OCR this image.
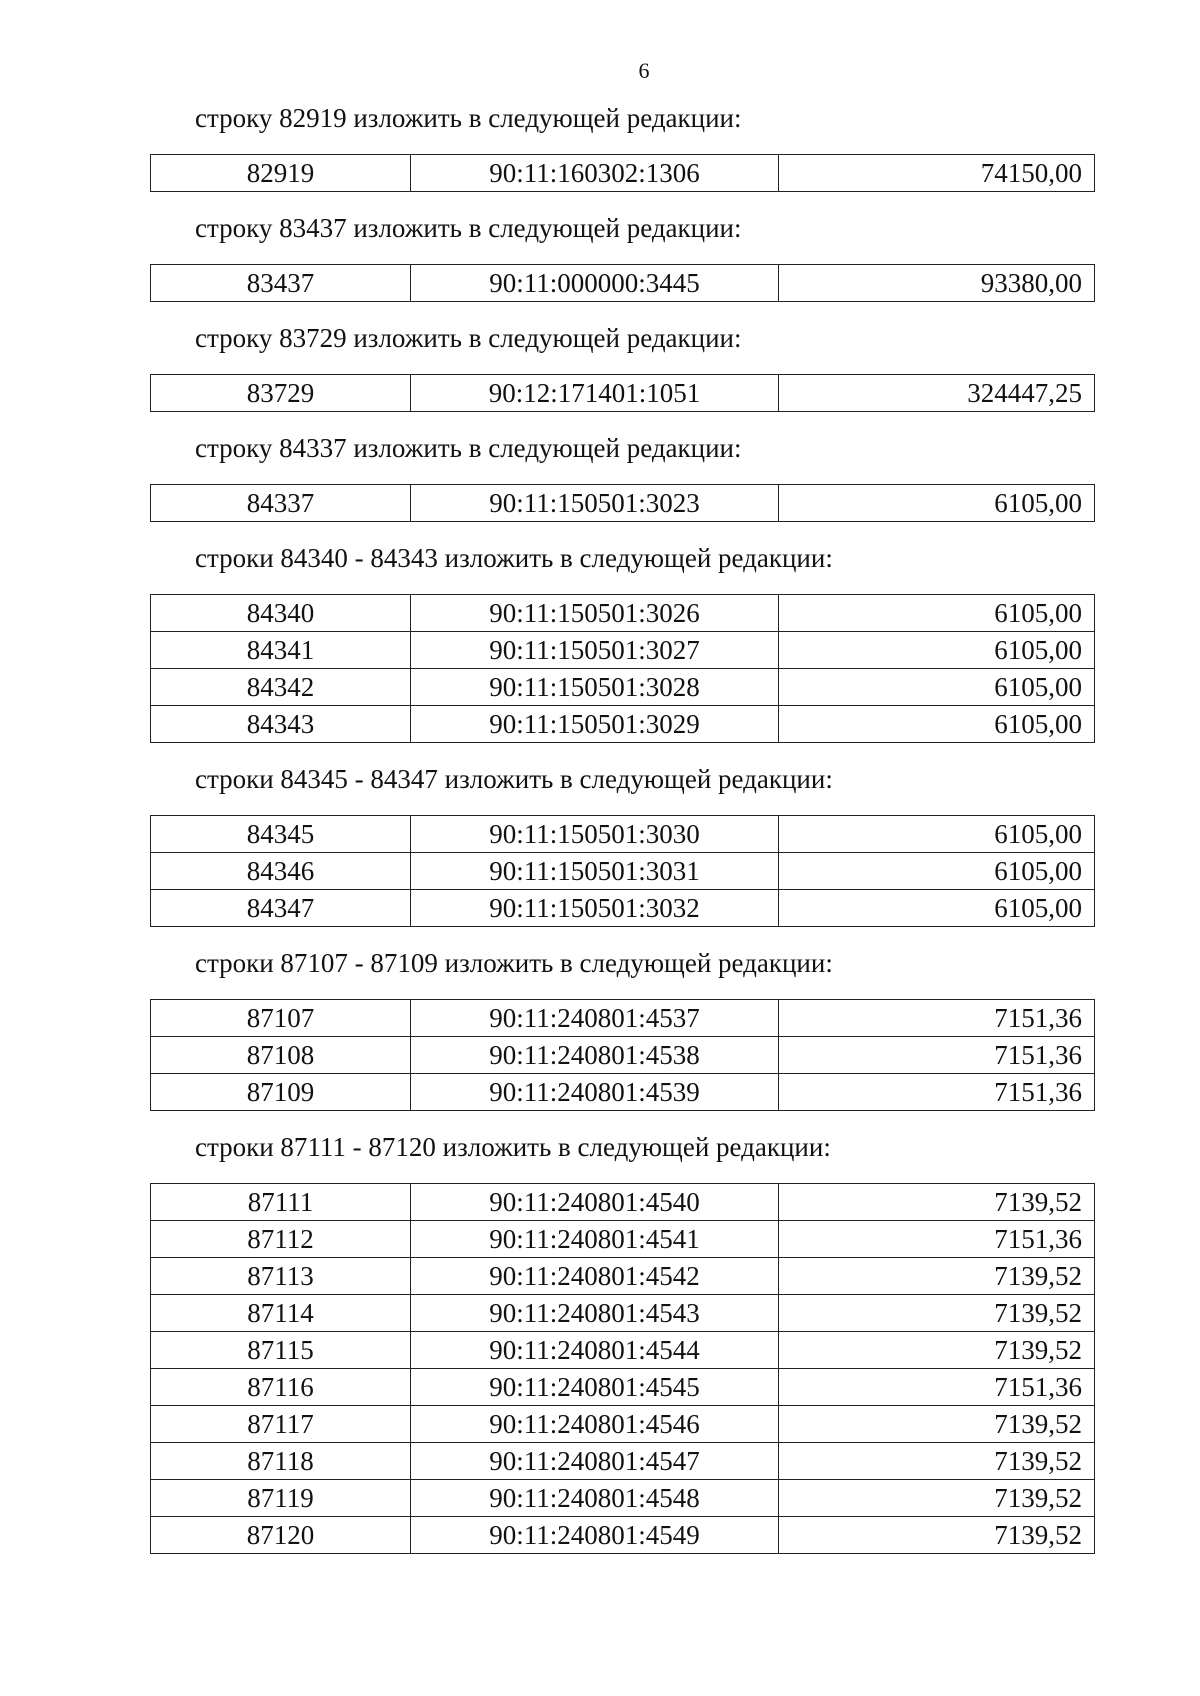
6

строку 82919 изложить в следующей редакции:

82919	90:11:160302:1306	74150,00

строку 83437 изложить в следующей редакции:

83437	90:11:000000:3445	93380,00

строку 83729 изложить в следующей редакции:

83729	90:12:171401:1051	324447,25

строку 84337 изложить в следующей редакции:

84337	90:11:150501:3023	6105,00

строки 84340 - 84343 изложить в следующей редакции:

84340	90:11:150501:3026	6105,00
84341	90:11:150501:3027	6105,00
84342	90:11:150501:3028	6105,00
84343	90:11:150501:3029	6105,00

строки 84345 - 84347 изложить в следующей редакции:

84345	90:11:150501:3030	6105,00
84346	90:11:150501:3031	6105,00
84347	90:11:150501:3032	6105,00

строки 87107 - 87109 изложить в следующей редакции:

87107	90:11:240801:4537	7151,36
87108	90:11:240801:4538	7151,36
87109	90:11:240801:4539	7151,36

строки 87111 - 87120 изложить в следующей редакции:

87111	90:11:240801:4540	7139,52
87112	90:11:240801:4541	7151,36
87113	90:11:240801:4542	7139,52
87114	90:11:240801:4543	7139,52
87115	90:11:240801:4544	7139,52
87116	90:11:240801:4545	7151,36
87117	90:11:240801:4546	7139,52
87118	90:11:240801:4547	7139,52
87119	90:11:240801:4548	7139,52
87120	90:11:240801:4549	7139,52
